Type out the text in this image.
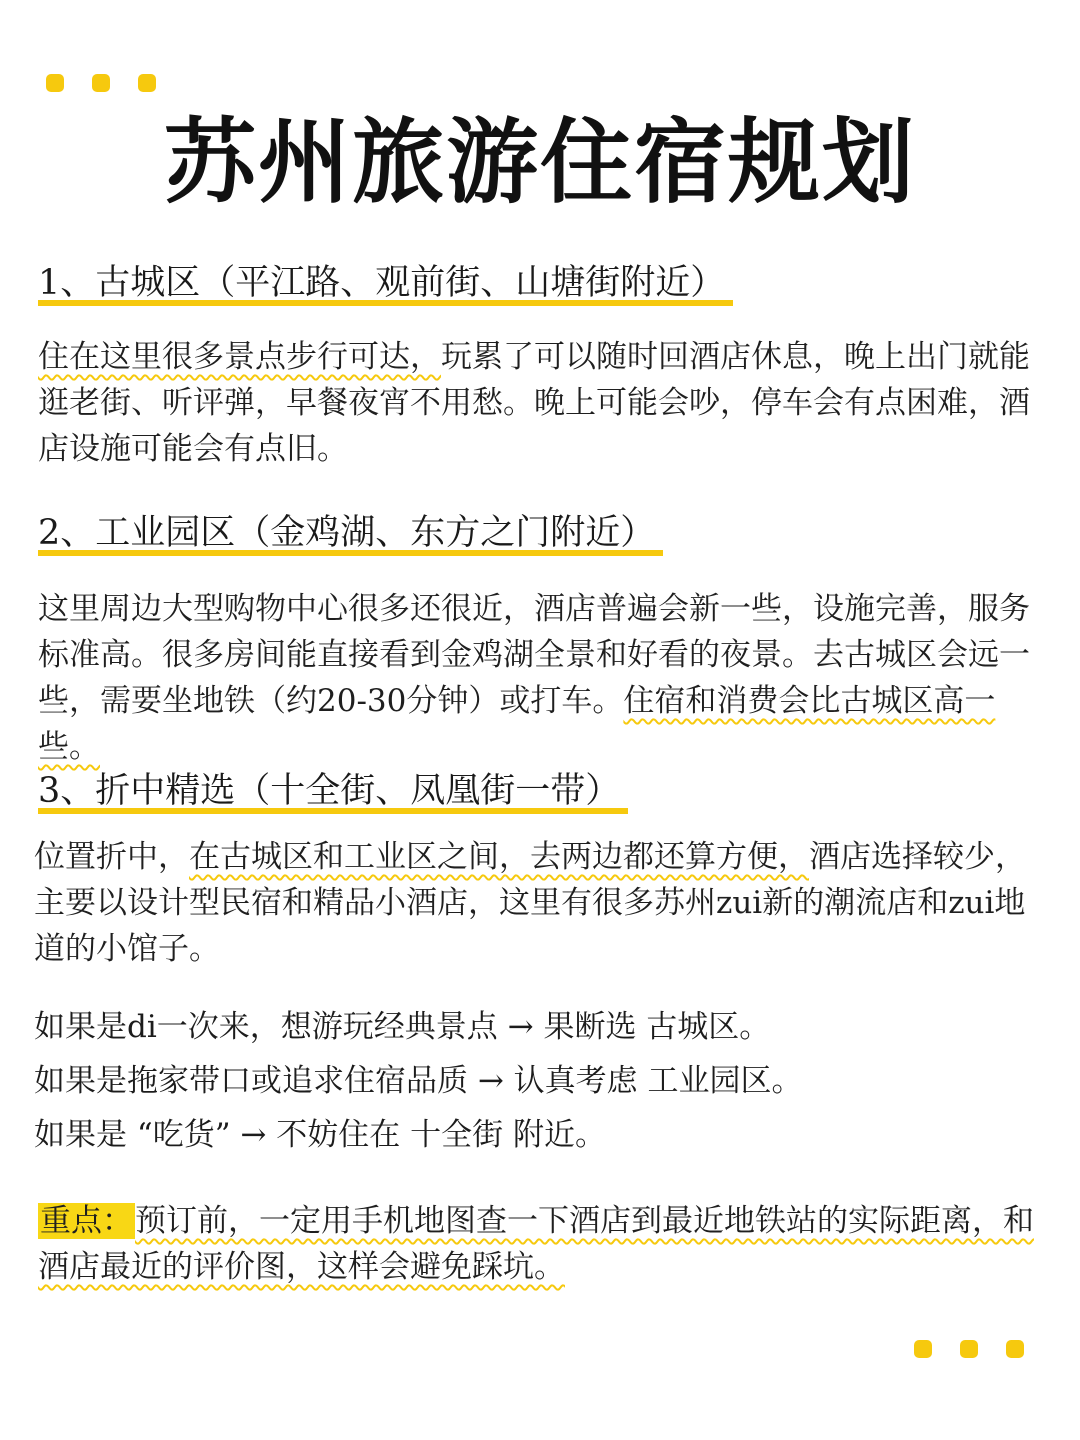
苏州旅游住宿规划
1、古城区（平江路、观前街、山塘街附近）

住在这里很多景点步行可达，玩累了可以随时回酒店休息，晚上出门就能逛老街、听评弹，早餐夜宵不用愁。晚上可能会吵，停车会有点困难，酒店设施可能会有点旧。

2、工业园区（金鸡湖、东方之门附近）

这里周边大型购物中心很多还很近，酒店普遍会新一些，设施完善，服务标准高。很多房间能直接看到金鸡湖全景和好看的夜景。去古城区会远一些，需要坐地铁（约20-30分钟）或打车。住宿和消费会比古城区高一些。

3、折中精选（十全街、凤凰街一带）

位置折中，在古城区和工业区之间，去两边都还算方便，酒店选择较少，主要以设计型民宿和精品小酒店，这里有很多苏州zui新的潮流店和zui地道的小馆子。

如果是di一次来，想游玩经典景点 → 果断选 古城区。

如果是拖家带口或追求住宿品质 → 认真考虑 工业园区。

如果是 “吃货” → 不妨住在 十全街 附近。

重点：预订前，一定用手机地图查一下酒店到最近地铁站的实际距离，和酒店最近的评价图，这样会避免踩坑。
